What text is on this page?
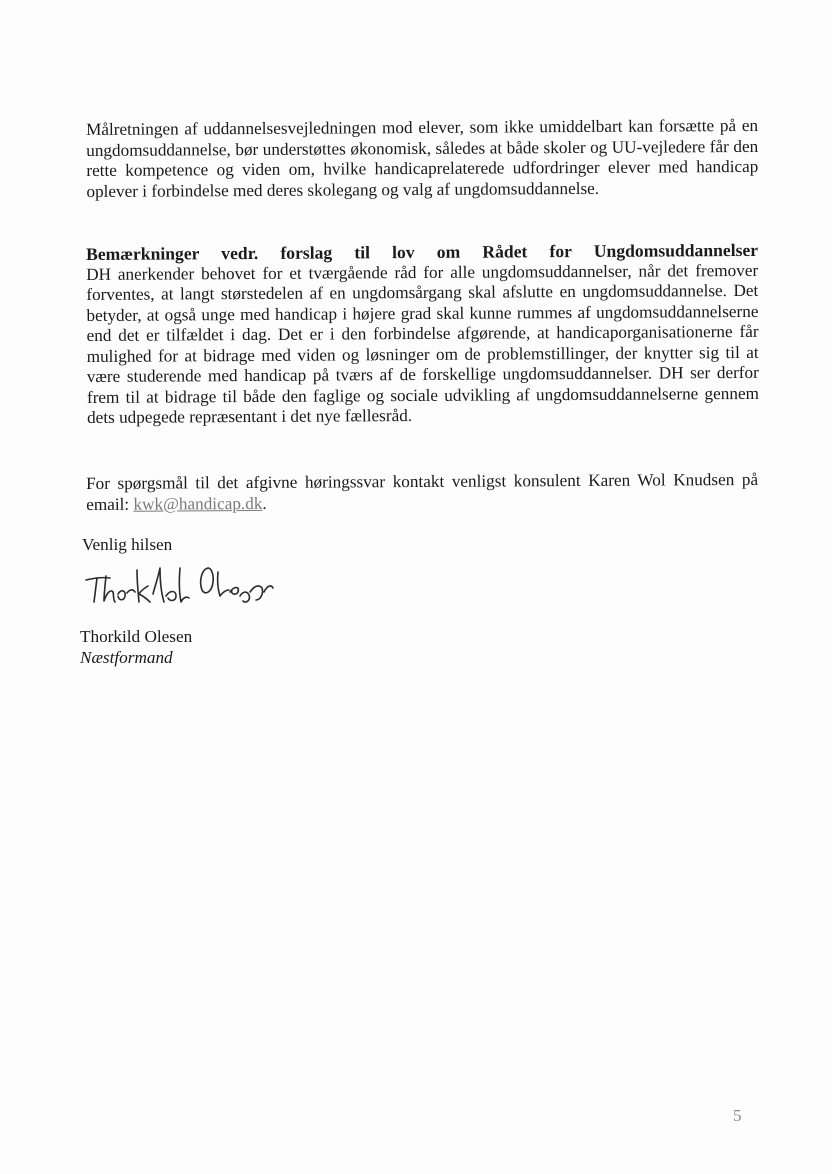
Målretningen af uddannelsesvejledningen mod elever, som ikke umiddelbart kan forsætte på en ungdomsuddannelse, bør understøttes økonomisk, således at både skoler og UU-vejledere får den rette kompetence og viden om, hvilke handicaprelaterede udfordringer elever med handicap oplever i forbindelse med deres skolegang og valg af ungdomsuddannelse.
Bemærkninger vedr. forslag til lov om Rådet for Ungdomsuddannelser
DH anerkender behovet for et tværgående råd for alle ungdomsuddannelser, når det fremover forventes, at langt størstedelen af en ungdomsårgang skal afslutte en ungdomsuddannelse. Det betyder, at også unge med handicap i højere grad skal kunne rummes af ungdomsuddannelserne end det er tilfældet i dag. Det er i den forbindelse afgørende, at handicaporganisationerne får mulighed for at bidrage med viden og løsninger om de problemstillinger, der knytter sig til at være studerende med handicap på tværs af de forskellige ungdomsuddannelser. DH ser derfor frem til at bidrage til både den faglige og sociale udvikling af ungdomsuddannelserne gennem dets udpegede repræsentant i det nye fællesråd.
For spørgsmål til det afgivne høringssvar kontakt venligst konsulent Karen Wol Knudsen på email: kwk@handicap.dk.
Venlig hilsen
Thorkild Olesen
Næstformand
5
